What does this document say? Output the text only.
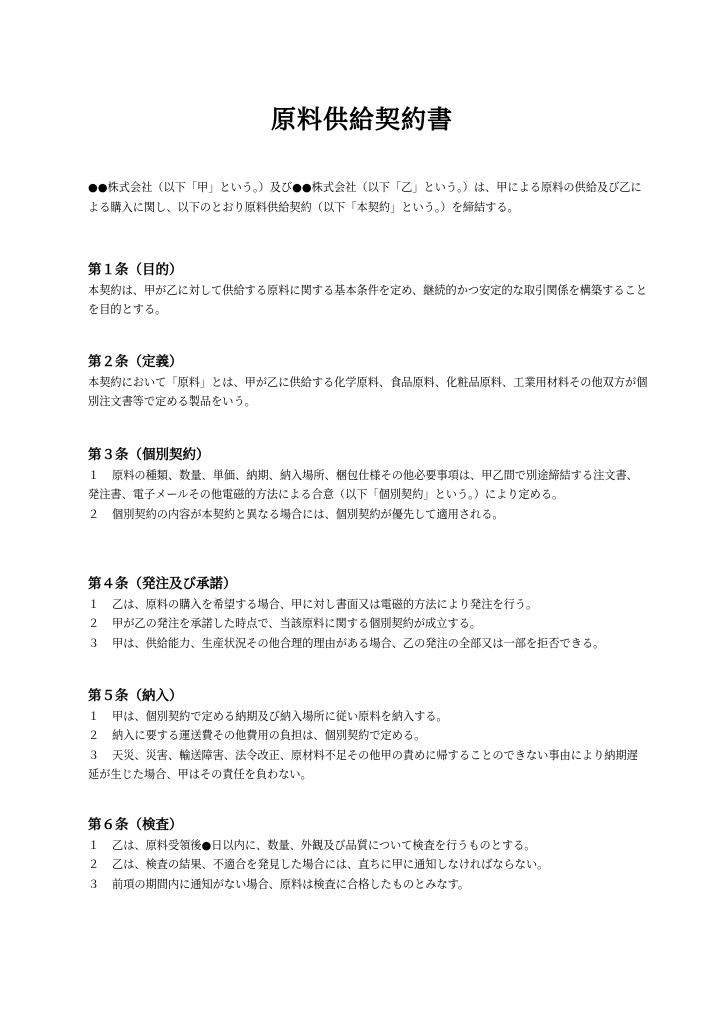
原料供給契約書
●●株式会社（以下「甲」という。）及び●●株式会社（以下「乙」という。）は、甲による原料の供給及び乙による購入に関し、以下のとおり原料供給契約（以下「本契約」という。）を締結する。
第１条（目的）

本契約は、甲が乙に対して供給する原料に関する基本条件を定め、継続的かつ安定的な取引関係を構築することを目的とする。

第２条（定義）

本契約において「原料」とは、甲が乙に供給する化学原料、食品原料、化粧品原料、工業用材料その他双方が個別注文書等で定める製品をいう。

第３条（個別契約）

１ 原料の種類、数量、単価、納期、納入場所、梱包仕様その他必要事項は、甲乙間で別途締結する注文書、発注書、電子メールその他電磁的方法による合意（以下「個別契約」という。）により定める。

２ 個別契約の内容が本契約と異なる場合には、個別契約が優先して適用される。

第４条（発注及び承諾）

１ 乙は、原料の購入を希望する場合、甲に対し書面又は電磁的方法により発注を行う。

２ 甲が乙の発注を承諾した時点で、当該原料に関する個別契約が成立する。

３ 甲は、供給能力、生産状況その他合理的理由がある場合、乙の発注の全部又は一部を拒否できる。

第５条（納入）

１ 甲は、個別契約で定める納期及び納入場所に従い原料を納入する。

２ 納入に要する運送費その他費用の負担は、個別契約で定める。

３ 天災、災害、輸送障害、法令改正、原材料不足その他甲の責めに帰することのできない事由により納期遅延が生じた場合、甲はその責任を負わない。

第６条（検査）

１ 乙は、原料受領後●日以内に、数量、外観及び品質について検査を行うものとする。

２ 乙は、検査の結果、不適合を発見した場合には、直ちに甲に通知しなければならない。

３ 前項の期間内に通知がない場合、原料は検査に合格したものとみなす。
